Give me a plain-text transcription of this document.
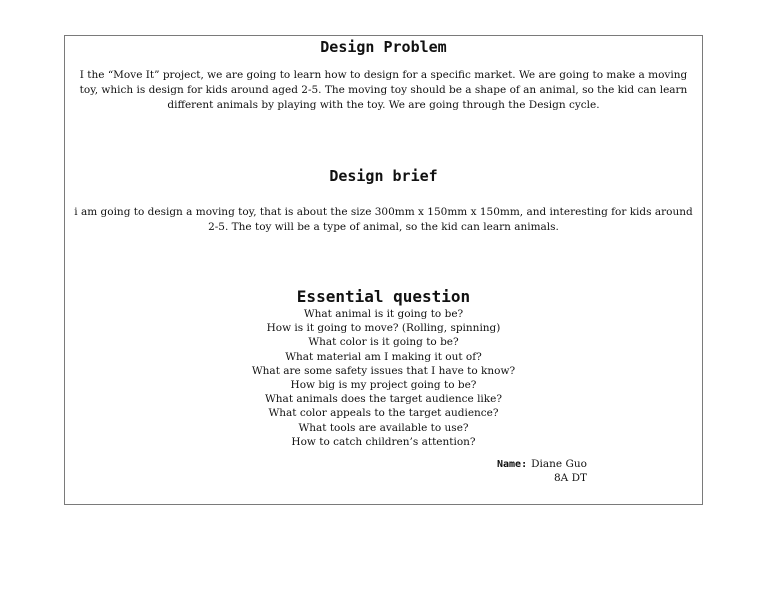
Design Problem
I the “Move It” project, we are going to learn how to design for a specific market. We are going to make a moving toy, which is design for kids around aged 2-5. The moving toy should be a shape of an animal, so the kid can learn different animals by playing with the toy. We are going through the Design cycle.
Design brief
i am going to design a moving toy, that is about the size 300mm x 150mm x 150mm, and interesting for kids around 2-5. The toy will be a type of animal, so the kid can learn animals.
Essential question
What animal is it going to be?
How is it going to move? (Rolling, spinning)
What color is it going to be?
What material am I making it out of?
What are some safety issues that I have to know?
How big is my project going to be?
What animals does the target audience like?
What color appeals to the target audience?
What tools are available to use?
How to catch children’s attention?
Name: Diane Guo
8A DT
